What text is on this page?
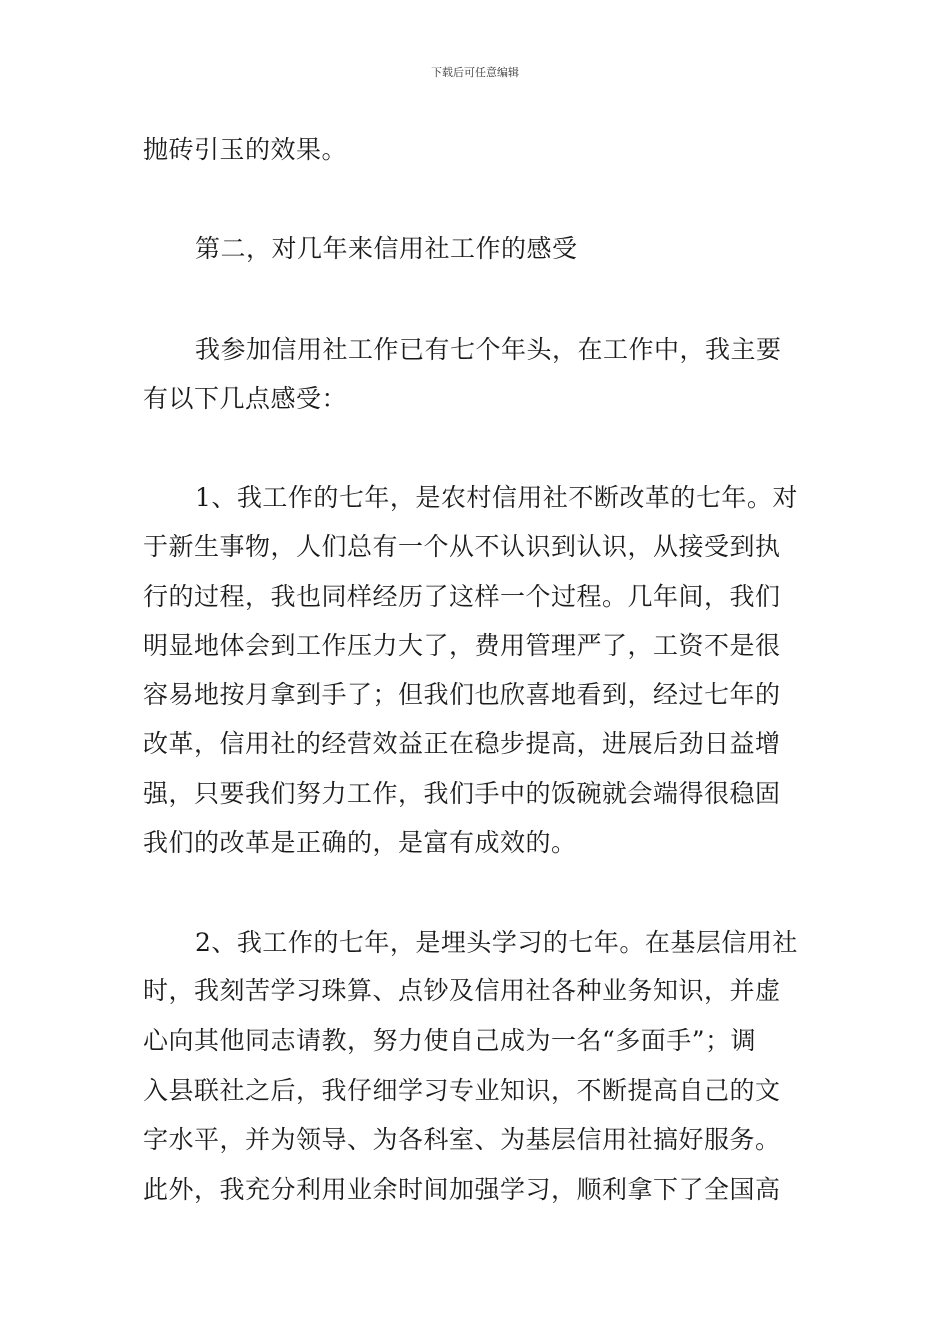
下载后可任意编辑
抛砖引玉的效果。
第二，对几年来信用社工作的感受
我参加信用社工作已有七个年头，在工作中，我主要
有以下几点感受：
1、我工作的七年，是农村信用社不断改革的七年。对
于新生事物，人们总有一个从不认识到认识，从接受到执
行的过程，我也同样经历了这样一个过程。几年间，我们
明显地体会到工作压力大了，费用管理严了，工资不是很
容易地按月拿到手了；但我们也欣喜地看到，经过七年的
改革，信用社的经营效益正在稳步提高，进展后劲日益增
强，只要我们努力工作，我们手中的饭碗就会端得很稳固
我们的改革是正确的，是富有成效的。
2、我工作的七年，是埋头学习的七年。在基层信用社
时，我刻苦学习珠算、点钞及信用社各种业务知识，并虚
心向其他同志请教，努力使自己成为一名“多面手”；调
入县联社之后，我仔细学习专业知识，不断提高自己的文
字水平，并为领导、为各科室、为基层信用社搞好服务。
此外，我充分利用业余时间加强学习，顺利拿下了全国高
